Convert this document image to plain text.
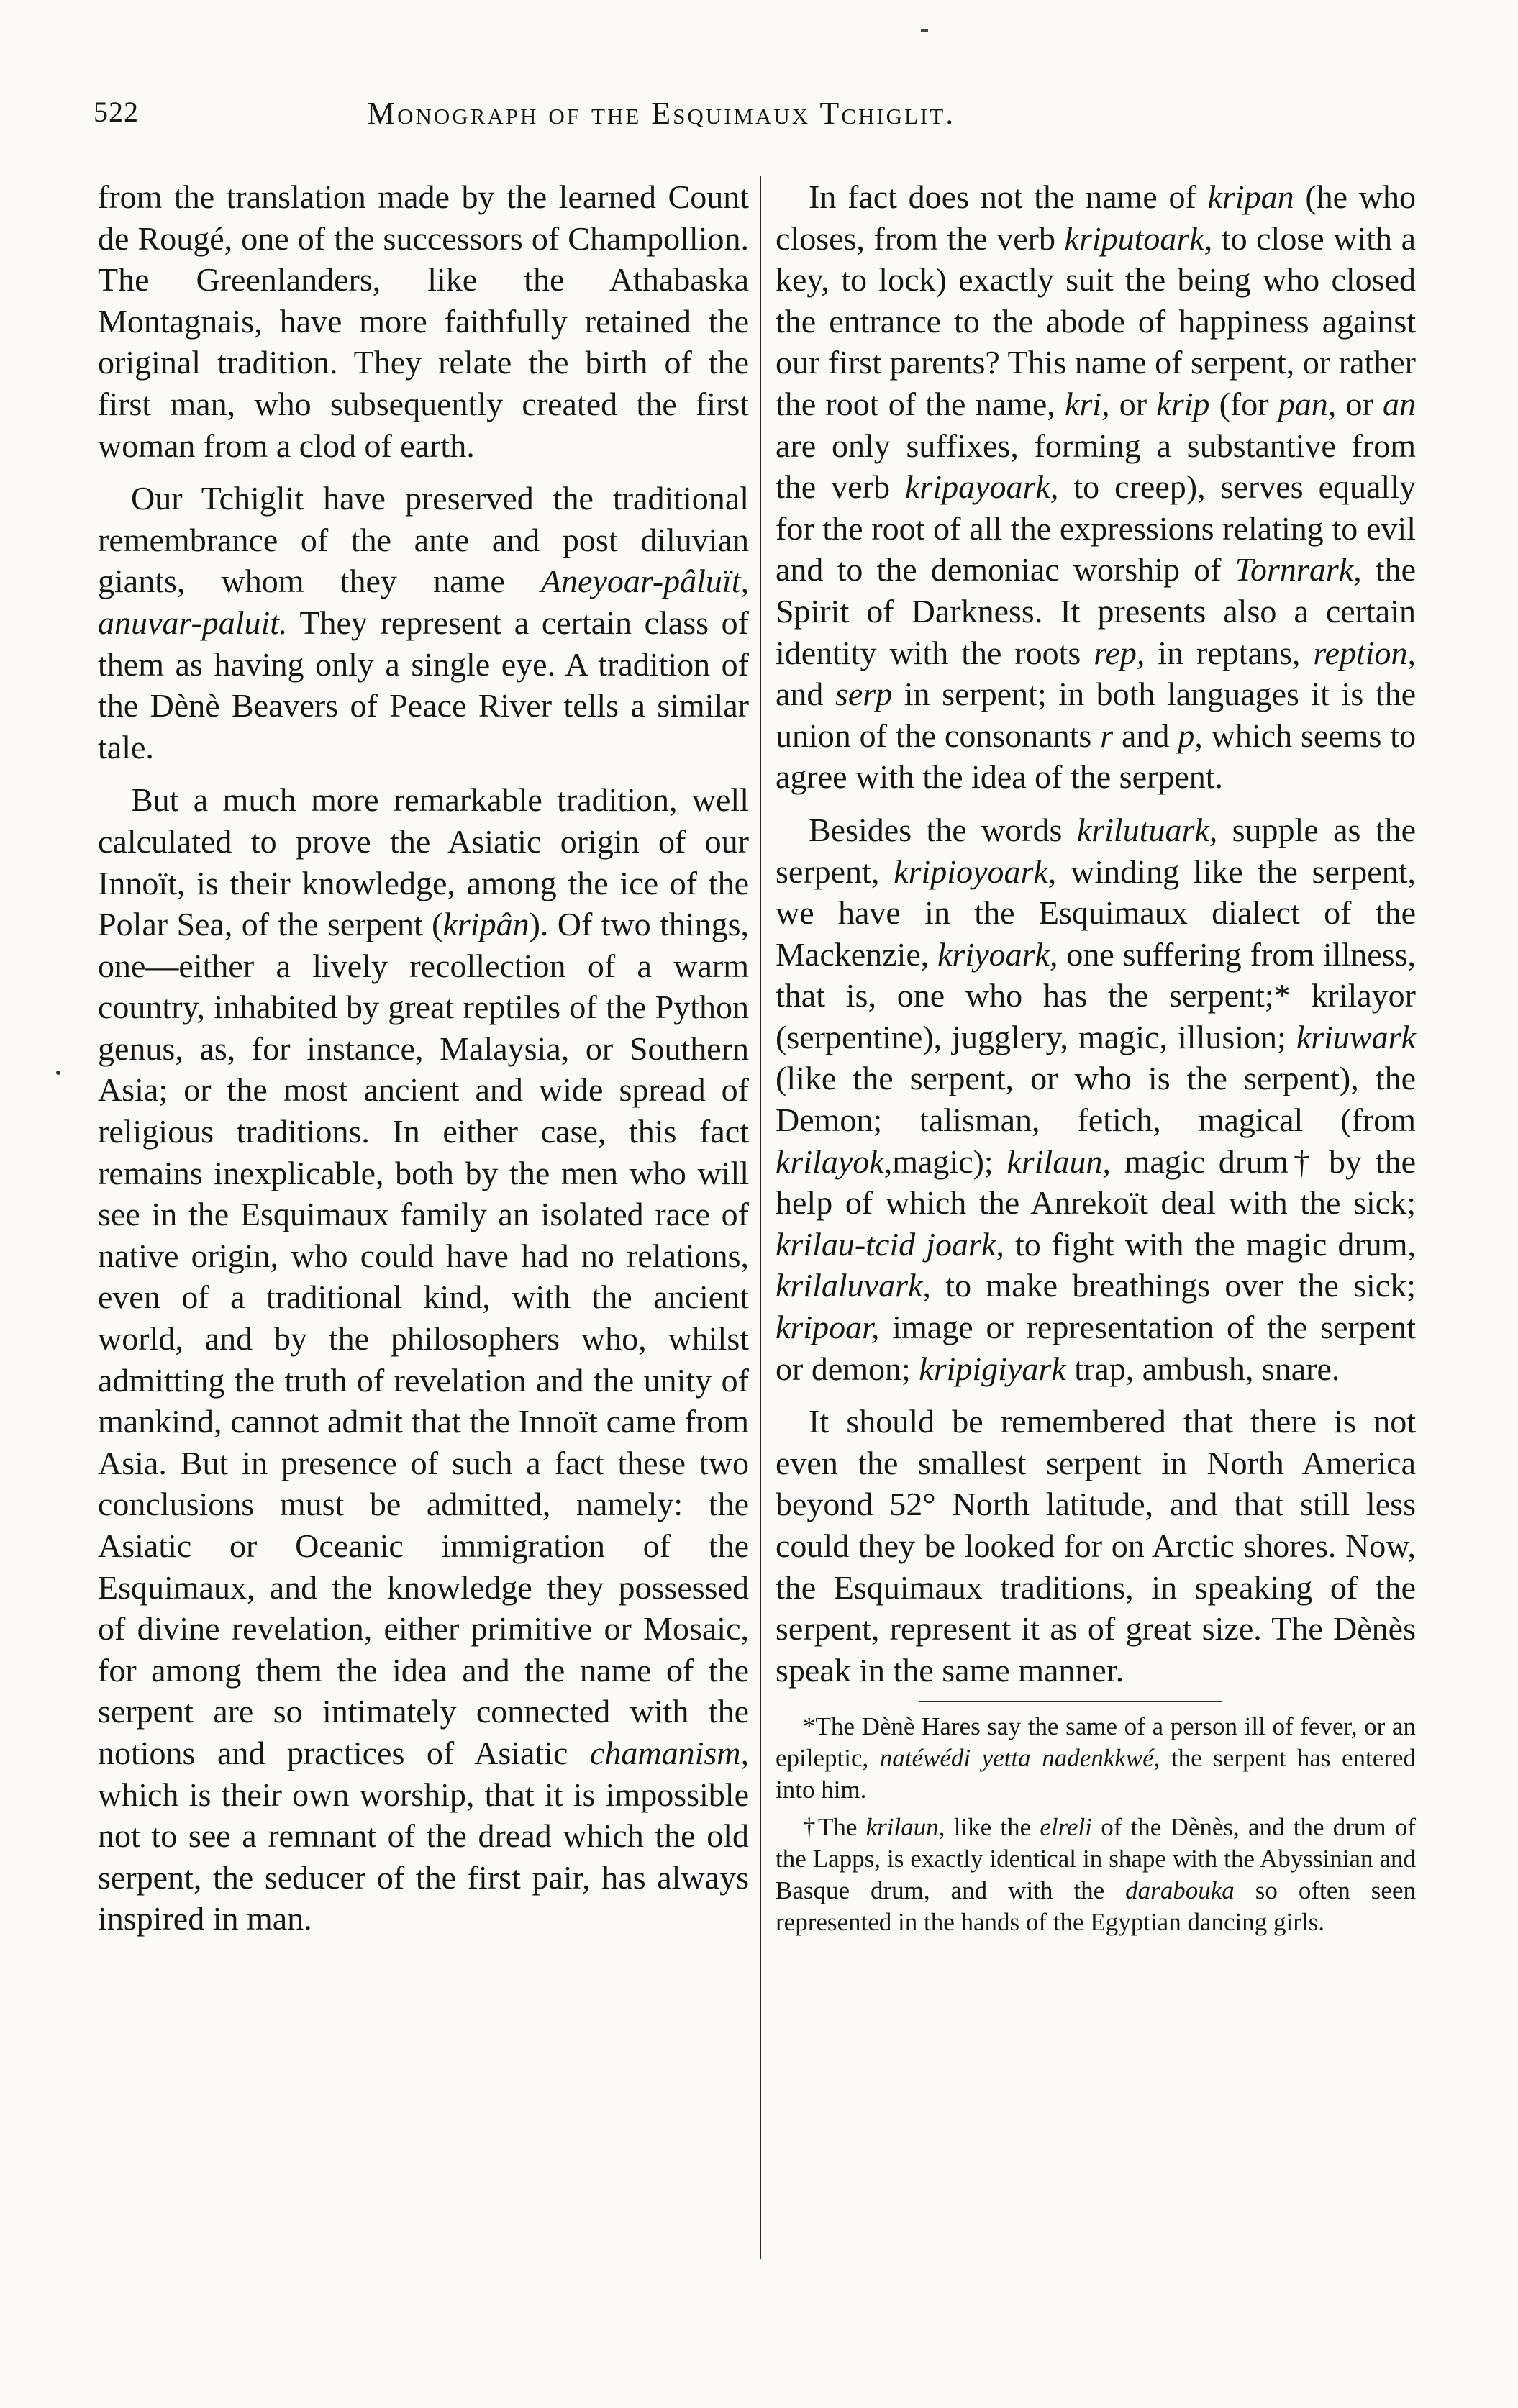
522	Monograph of the Esquimaux Tchiglit.

from the translation made by the learned Count de Rougé, one of the successors of Champollion. The Greenlanders, like the Athabaska Montagnais, have more faithfully retained the original tradition. They relate the birth of the first man, who subsequently created the first woman from a clod of earth.

Our Tchiglit have preserved the traditional remembrance of the ante and post diluvian giants, whom they name Aneyoar-pâluït, anuvar-paluit. They represent a certain class of them as having only a single eye. A tradition of the Dènè Beavers of Peace River tells a similar tale.

But a much more remarkable tradition, well calculated to prove the Asiatic origin of our Innoït, is their knowledge, among the ice of the Polar Sea, of the serpent (kripân). Of two things, one—either a lively recollection of a warm country, inhabited by great reptiles of the Python genus, as, for instance, Malaysia, or Southern Asia; or the most ancient and wide spread of religious traditions. In either case, this fact remains inexplicable, both by the men who will see in the Esquimaux family an isolated race of native origin, who could have had no relations, even of a traditional kind, with the ancient world, and by the philosophers who, whilst admitting the truth of revelation and the unity of mankind, cannot admit that the Innoït came from Asia. But in presence of such a fact these two conclusions must be admitted, namely: the Asiatic or Oceanic immigration of the Esquimaux, and the knowledge they possessed of divine revelation, either primitive or Mosaic, for among them the idea and the name of the serpent are so intimately connected with the notions and practices of Asiatic chamanism, which is their own worship, that it is impossible not to see a remnant of the dread which the old serpent, the seducer of the first pair, has always inspired in man.

In fact does not the name of kripan (he who closes, from the verb kriputoark, to close with a key, to lock) exactly suit the being who closed the entrance to the abode of happiness against our first parents? This name of serpent, or rather the root of the name, kri, or krip (for pan, or an are only suffixes, forming a substantive from the verb kripayoark, to creep), serves equally for the root of all the expressions relating to evil and to the demoniac worship of Tornrark, the Spirit of Darkness. It presents also a certain identity with the roots rep, in reptans, reption, and serp in serpent; in both languages it is the union of the consonants r and p, which seems to agree with the idea of the serpent.

Besides the words krilutuark, supple as the serpent, kripioyoark, winding like the serpent, we have in the Esquimaux dialect of the Mackenzie, kriyoark, one suffering from illness, that is, one who has the serpent;* krilayor (serpentine), jugglery, magic, illusion; kriuwark (like the serpent, or who is the serpent), the Demon; talisman, fetich, magical (from krilayok,magic); krilaun, magic drum† by the help of which the Anrekoït deal with the sick; krilau-tcid joark, to fight with the magic drum, krilaluvark, to make breathings over the sick; kripoar, image or representation of the serpent or demon; kripigiyark trap, ambush, snare.

It should be remembered that there is not even the smallest serpent in North America beyond 52° North latitude, and that still less could they be looked for on Arctic shores. Now, the Esquimaux traditions, in speaking of the serpent, represent it as of great size. The Dènès speak in the same manner.

*The Dènè Hares say the same of a person ill of fever, or an epileptic, natéwédi yetta nadenkkwé, the serpent has entered into him.

†The krilaun, like the elreli of the Dènès, and the drum of the Lapps, is exactly identical in shape with the Abyssinian and Basque drum, and with the darabouka so often seen represented in the hands of the Egyptian dancing girls.
